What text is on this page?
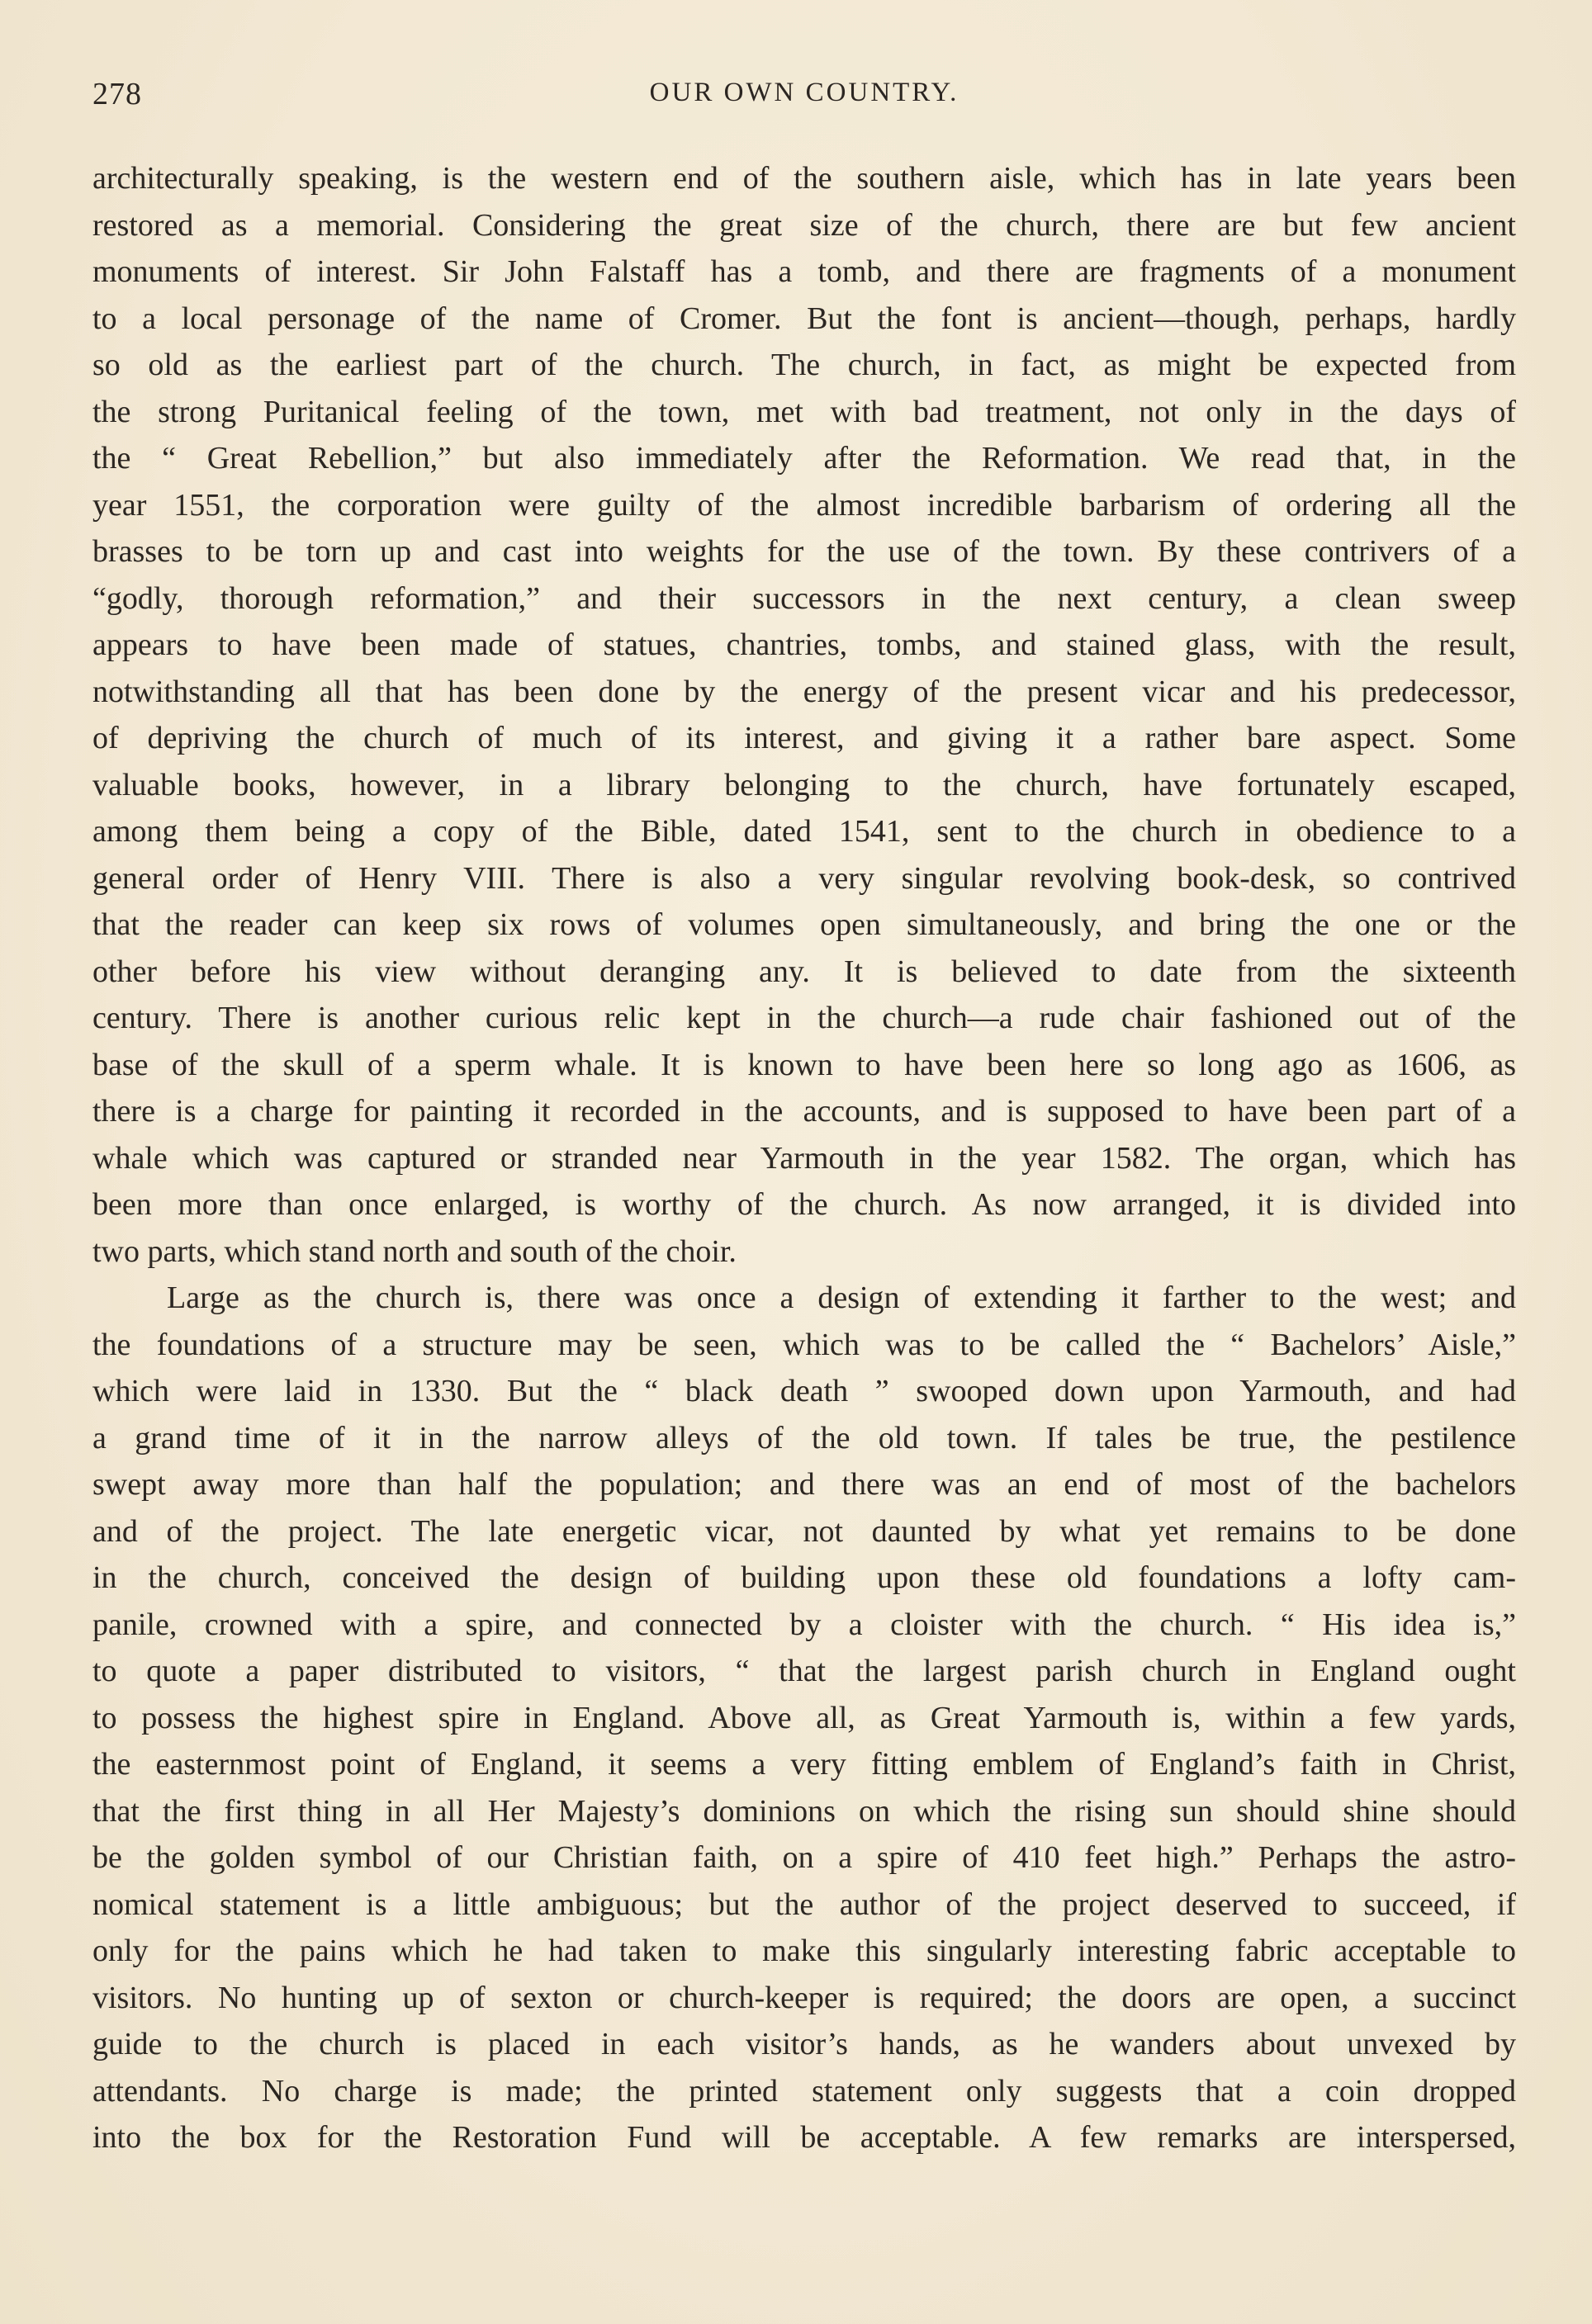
278	OUR OWN COUNTRY.
architecturally speaking, is the western end of the southern aisle, which has in late years been
restored as a memorial. Considering the great size of the church, there are but few ancient
monuments of interest. Sir John Falstaff has a tomb, and there are fragments of a monument
to a local personage of the name of Cromer. But the font is ancient—though, perhaps, hardly
so old as the earliest part of the church. The church, in fact, as might be expected from
the strong Puritanical feeling of the town, met with bad treatment, not only in the days of
the “ Great Rebellion,” but also immediately after the Reformation. We read that, in the
year 1551, the corporation were guilty of the almost incredible barbarism of ordering all the
brasses to be torn up and cast into weights for the use of the town. By these contrivers of a
“godly, thorough reformation,” and their successors in the next century, a clean sweep
appears to have been made of statues, chantries, tombs, and stained glass, with the result,
notwithstanding all that has been done by the energy of the present vicar and his predecessor,
of depriving the church of much of its interest, and giving it a rather bare aspect. Some
valuable books, however, in a library belonging to the church, have fortunately escaped,
among them being a copy of the Bible, dated 1541, sent to the church in obedience to a
general order of Henry VIII. There is also a very singular revolving book-desk, so contrived
that the reader can keep six rows of volumes open simultaneously, and bring the one or the
other before his view without deranging any. It is believed to date from the sixteenth
century. There is another curious relic kept in the church—a rude chair fashioned out of the
base of the skull of a sperm whale. It is known to have been here so long ago as 1606, as
there is a charge for painting it recorded in the accounts, and is supposed to have been part of a
whale which was captured or stranded near Yarmouth in the year 1582. The organ, which has
been more than once enlarged, is worthy of the church. As now arranged, it is divided into
two parts, which stand north and south of the choir.
Large as the church is, there was once a design of extending it farther to the west; and
the foundations of a structure may be seen, which was to be called the “ Bachelors’ Aisle,”
which were laid in 1330. But the “ black death ” swooped down upon Yarmouth, and had
a grand time of it in the narrow alleys of the old town. If tales be true, the pestilence
swept away more than half the population; and there was an end of most of the bachelors
and of the project. The late energetic vicar, not daunted by what yet remains to be done
in the church, conceived the design of building upon these old foundations a lofty cam-
panile, crowned with a spire, and connected by a cloister with the church. “ His idea is,”
to quote a paper distributed to visitors, “ that the largest parish church in England ought
to possess the highest spire in England. Above all, as Great Yarmouth is, within a few yards,
the easternmost point of England, it seems a very fitting emblem of England’s faith in Christ,
that the first thing in all Her Majesty’s dominions on which the rising sun should shine should
be the golden symbol of our Christian faith, on a spire of 410 feet high.” Perhaps the astro-
nomical statement is a little ambiguous; but the author of the project deserved to succeed, if
only for the pains which he had taken to make this singularly interesting fabric acceptable to
visitors. No hunting up of sexton or church-keeper is required; the doors are open, a succinct
guide to the church is placed in each visitor’s hands, as he wanders about unvexed by
attendants. No charge is made; the printed statement only suggests that a coin dropped
into the box for the Restoration Fund will be acceptable. A few remarks are interspersed,
